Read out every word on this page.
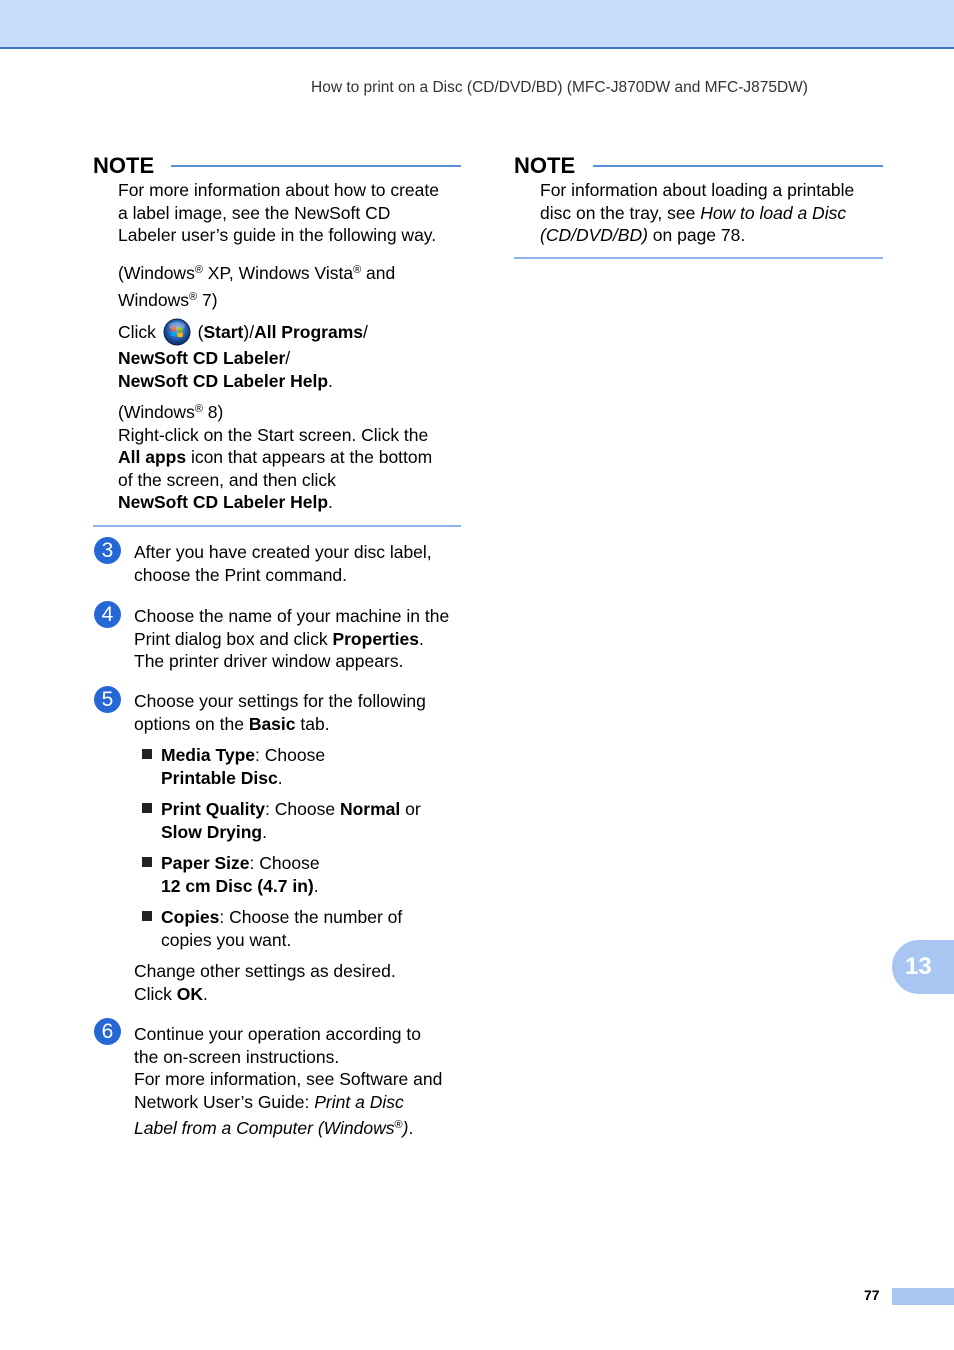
How to print on a Disc (CD/DVD/BD) (MFC-J870DW and MFC-J875DW)
NOTE
For more information about how to create
a label image, see the NewSoft CD
Labeler user’s guide in the following way.
(Windows® XP, Windows Vista® and
Windows® 7)
Click  (Start)/All Programs/
NewSoft CD Labeler/
NewSoft CD Labeler Help.
(Windows® 8)
Right-click on the Start screen. Click the
All apps icon that appears at the bottom
of the screen, and then click
NewSoft CD Labeler Help.
3	After you have created your disc label,
choose the Print command.
4	Choose the name of your machine in the
Print dialog box and click Properties.
The printer driver window appears.
5	Choose your settings for the following
options on the Basic tab.
Media Type: Choose
Printable Disc.
Print Quality: Choose Normal or
Slow Drying.
Paper Size: Choose
12 cm Disc (4.7 in).
Copies: Choose the number of
copies you want.
Change other settings as desired.
Click OK.
6	Continue your operation according to
the on-screen instructions.
For more information, see Software and
Network User’s Guide: Print a Disc
Label from a Computer (Windows®).
NOTE
For information about loading a printable
disc on the tray, see How to load a Disc
(CD/DVD/BD) on page 78.
13
77
